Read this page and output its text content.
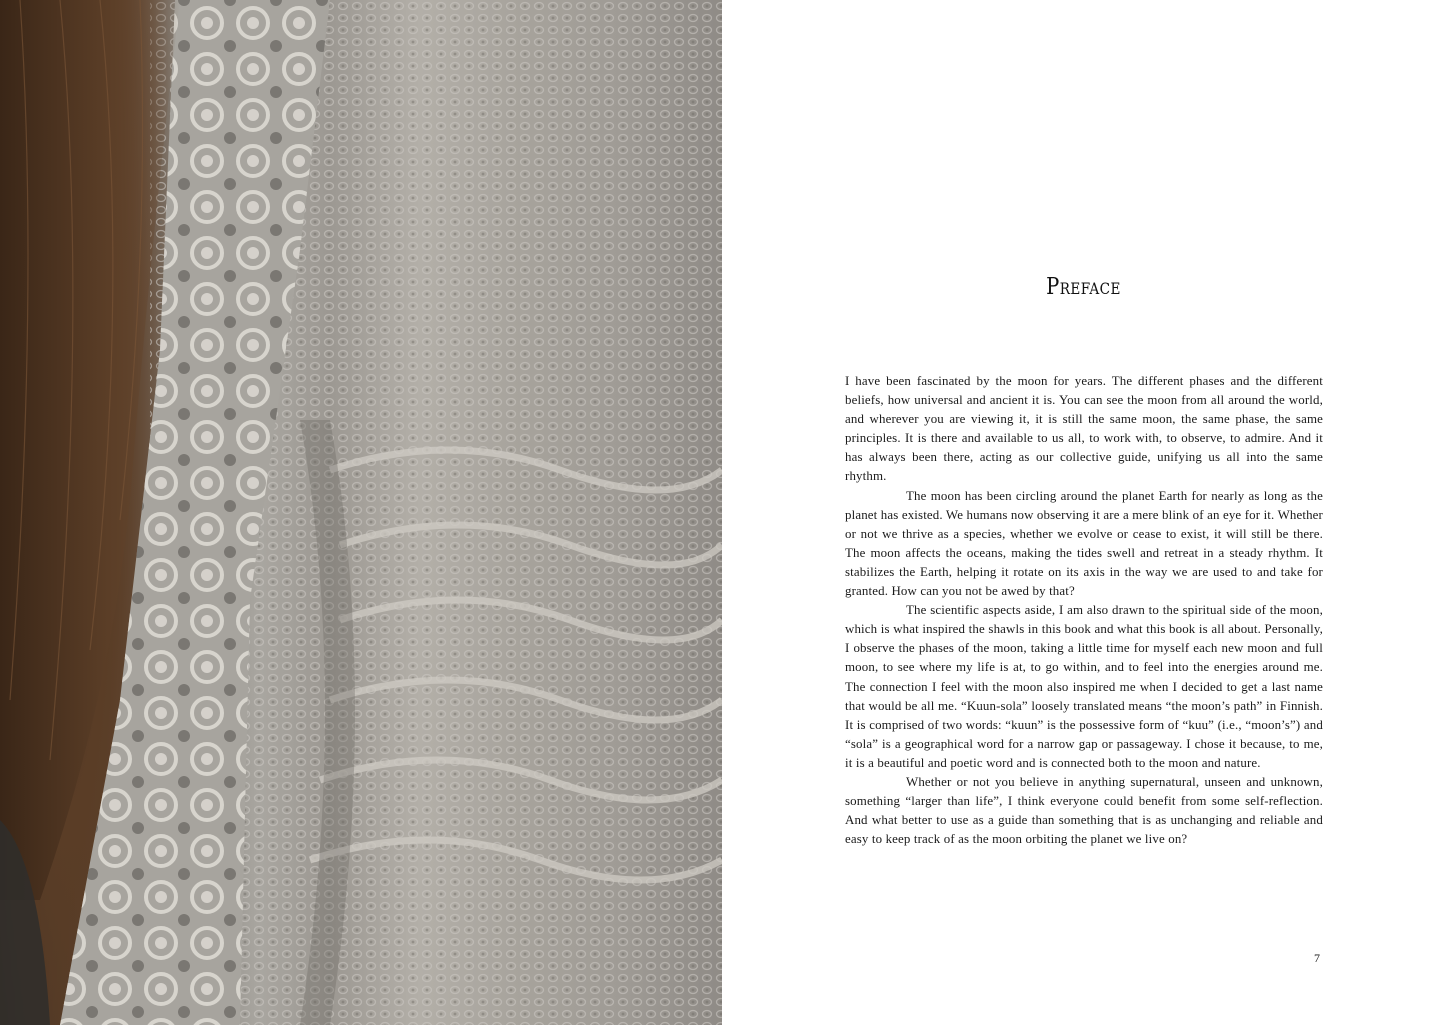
Preface

I have been fascinated by the moon for years. The different phases and the different beliefs, how universal and ancient it is. You can see the moon from all around the world, and wherever you are viewing it, it is still the same moon, the same phase, the same principles. It is there and available to us all, to work with, to observe, to admire. And it has always been there, acting as our collective guide, unifying us all into the same rhythm.

The moon has been circling around the planet Earth for nearly as long as the planet has existed. We humans now observing it are a mere blink of an eye for it. Whether or not we thrive as a species, whether we evolve or cease to exist, it will still be there. The moon affects the oceans, making the tides swell and retreat in a steady rhythm. It stabilizes the Earth, helping it rotate on its axis in the way we are used to and take for granted. How can you not be awed by that?

The scientific aspects aside, I am also drawn to the spiritual side of the moon, which is what inspired the shawls in this book and what this book is all about. Personally, I observe the phases of the moon, taking a little time for myself each new moon and full moon, to see where my life is at, to go within, and to feel into the energies around me. The connection I feel with the moon also inspired me when I decided to get a last name that would be all me. “Kuun-sola” loosely translated means “the moon’s path” in Finnish. It is comprised of two words: “kuun” is the possessive form of “kuu” (i.e., “moon’s”) and “sola” is a geographical word for a narrow gap or passageway. I chose it because, to me, it is a beautiful and poetic word and is connected both to the moon and nature.

Whether or not you believe in anything supernatural, unseen and unknown, something “larger than life”, I think everyone could benefit from some self-reflection. And what better to use as a guide than something that is as unchanging and reliable and easy to keep track of as the moon orbiting the planet we live on?

7
